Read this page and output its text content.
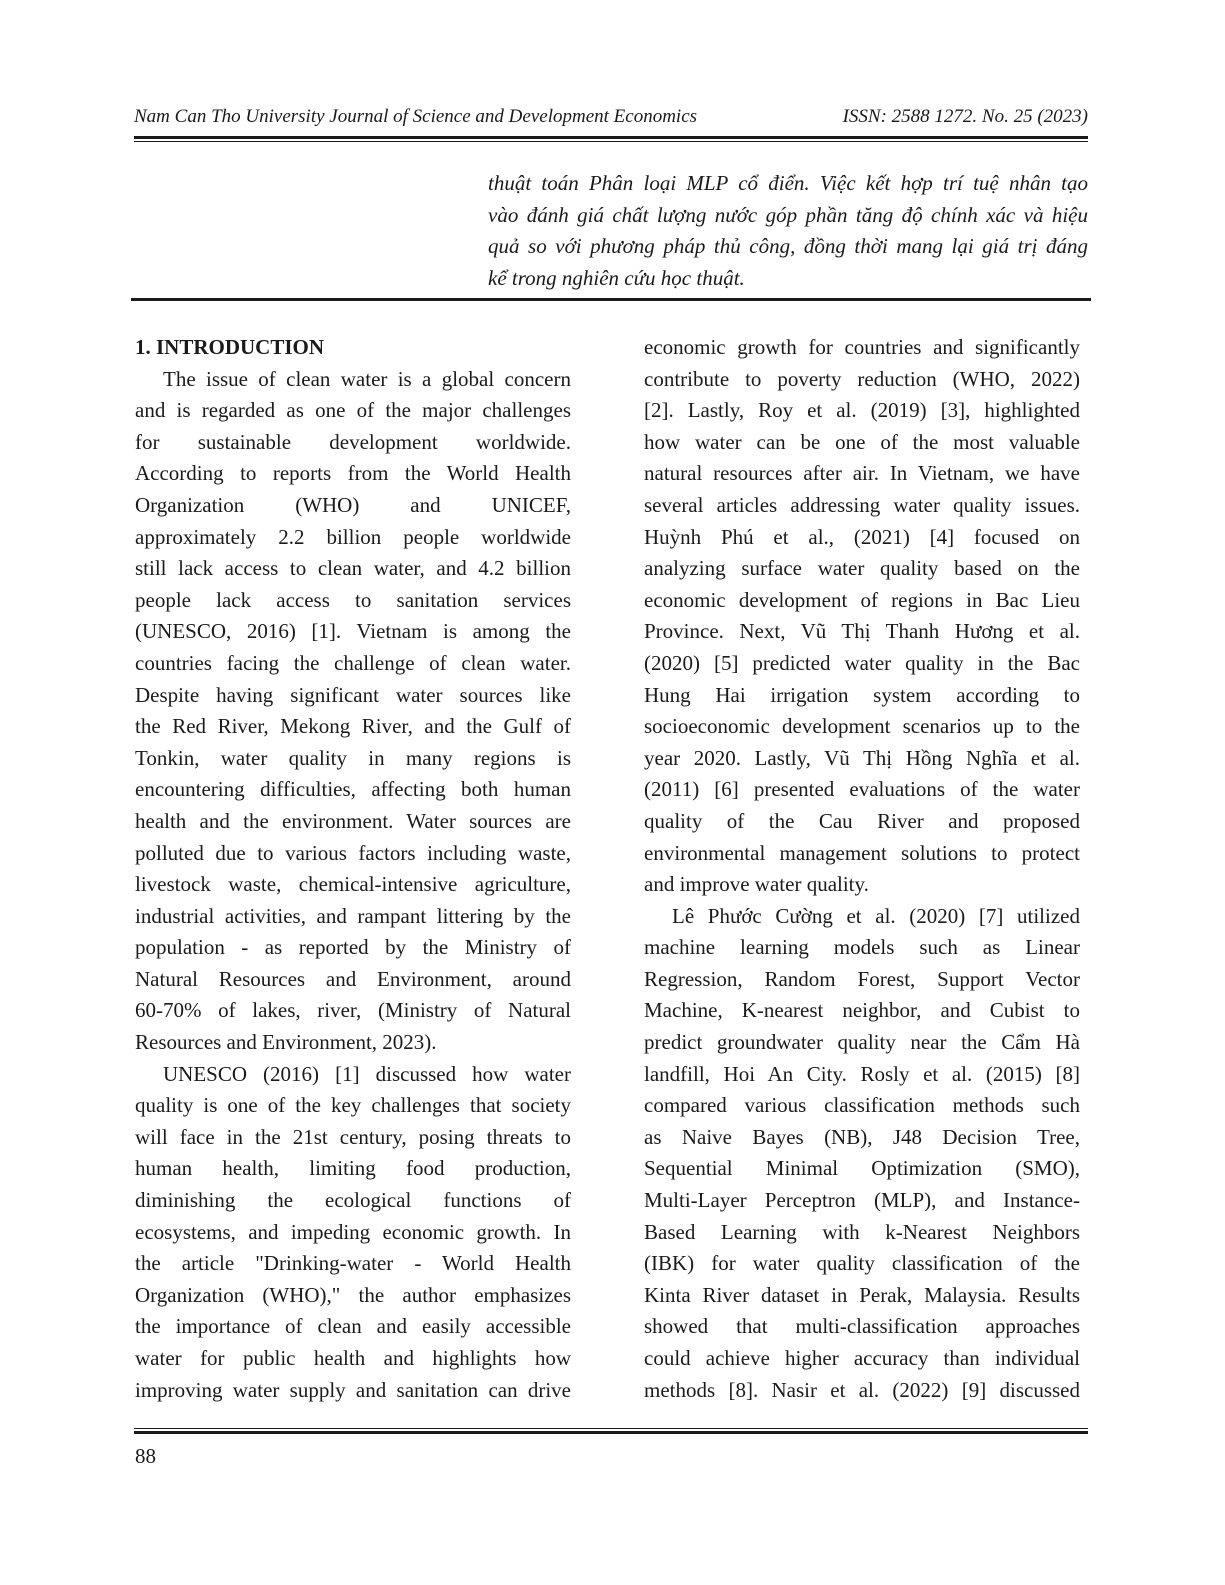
Nam Can Tho University Journal of Science and Development Economics	ISSN: 2588 1272. No. 25 (2023)
thuật toán Phân loại MLP cổ điển. Việc kết hợp trí tuệ nhân tạo
vào đánh giá chất lượng nước góp phần tăng độ chính xác và hiệu
quả so với phương pháp thủ công, đồng thời mang lại giá trị đáng
kể trong nghiên cứu học thuật.
1. INTRODUCTION
The issue of clean water is a global concern
and is regarded as one of the major challenges
for sustainable development worldwide.
According to reports from the World Health
Organization (WHO) and UNICEF,
approximately 2.2 billion people worldwide
still lack access to clean water, and 4.2 billion
people lack access to sanitation services
(UNESCO, 2016) [1]. Vietnam is among the
countries facing the challenge of clean water.
Despite having significant water sources like
the Red River, Mekong River, and the Gulf of
Tonkin, water quality in many regions is
encountering difficulties, affecting both human
health and the environment. Water sources are
polluted due to various factors including waste,
livestock waste, chemical-intensive agriculture,
industrial activities, and rampant littering by the
population - as reported by the Ministry of
Natural Resources and Environment, around
60-70% of lakes, river, (Ministry of Natural
Resources and Environment, 2023).
UNESCO (2016) [1] discussed how water
quality is one of the key challenges that society
will face in the 21st century, posing threats to
human health, limiting food production,
diminishing the ecological functions of
ecosystems, and impeding economic growth. In
the article "Drinking-water - World Health
Organization (WHO)," the author emphasizes
the importance of clean and easily accessible
water for public health and highlights how
improving water supply and sanitation can drive
economic growth for countries and significantly
contribute to poverty reduction (WHO, 2022)
[2]. Lastly, Roy et al. (2019) [3], highlighted
how water can be one of the most valuable
natural resources after air. In Vietnam, we have
several articles addressing water quality issues.
Huỳnh Phú et al., (2021) [4] focused on
analyzing surface water quality based on the
economic development of regions in Bac Lieu
Province. Next, Vũ Thị Thanh Hương et al.
(2020) [5] predicted water quality in the Bac
Hung Hai irrigation system according to
socioeconomic development scenarios up to the
year 2020. Lastly, Vũ Thị Hồng Nghĩa et al.
(2011) [6] presented evaluations of the water
quality of the Cau River and proposed
environmental management solutions to protect
and improve water quality.
Lê Phước Cường et al. (2020) [7] utilized
machine learning models such as Linear
Regression, Random Forest, Support Vector
Machine, K-nearest neighbor, and Cubist to
predict groundwater quality near the Cẩm Hà
landfill, Hoi An City. Rosly et al. (2015) [8]
compared various classification methods such
as Naive Bayes (NB), J48 Decision Tree,
Sequential Minimal Optimization (SMO),
Multi-Layer Perceptron (MLP), and Instance-
Based Learning with k-Nearest Neighbors
(IBK) for water quality classification of the
Kinta River dataset in Perak, Malaysia. Results
showed that multi-classification approaches
could achieve higher accuracy than individual
methods [8]. Nasir et al. (2022) [9] discussed
88
